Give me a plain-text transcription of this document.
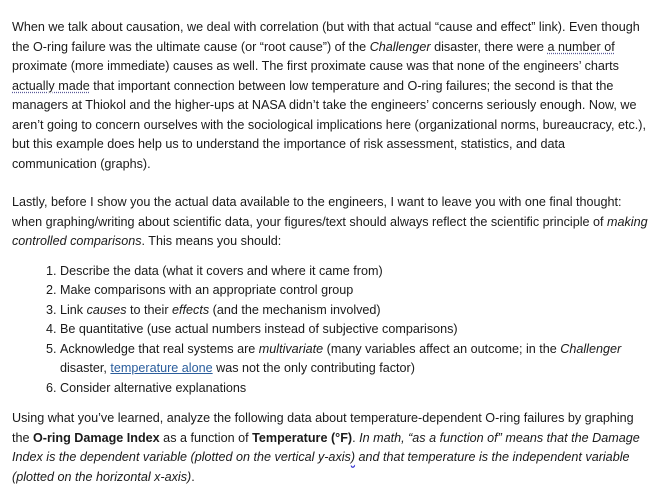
When we talk about causation, we deal with correlation (but with that actual “cause and effect” link). Even though the O-ring failure was the ultimate cause (or “root cause”) of the Challenger disaster, there were a number of proximate (more immediate) causes as well. The first proximate cause was that none of the engineers’ charts actually made that important connection between low temperature and O-ring failures; the second is that the managers at Thiokol and the higher-ups at NASA didn’t take the engineers’ concerns seriously enough. Now, we aren’t going to concern ourselves with the sociological implications here (organizational norms, bureaucracy, etc.), but this example does help us to understand the importance of risk assessment, statistics, and data communication (graphs).

Lastly, before I show you the actual data available to the engineers, I want to leave you with one final thought: when graphing/writing about scientific data, your figures/text should always reflect the scientific principle of making controlled comparisons. This means you should:

1. Describe the data (what it covers and where it came from)
2. Make comparisons with an appropriate control group
3. Link causes to their effects (and the mechanism involved)
4. Be quantitative (use actual numbers instead of subjective comparisons)
5. Acknowledge that real systems are multivariate (many variables affect an outcome; in the Challenger disaster, temperature alone was not the only contributing factor)
6. Consider alternative explanations

Using what you’ve learned, analyze the following data about temperature-dependent O-ring failures by graphing the O-ring Damage Index as a function of Temperature (°F). In math, “as a function of” means that the Damage Index is the dependent variable (plotted on the vertical y-axis) and that temperature is the independent variable (plotted on the horizontal x-axis).
